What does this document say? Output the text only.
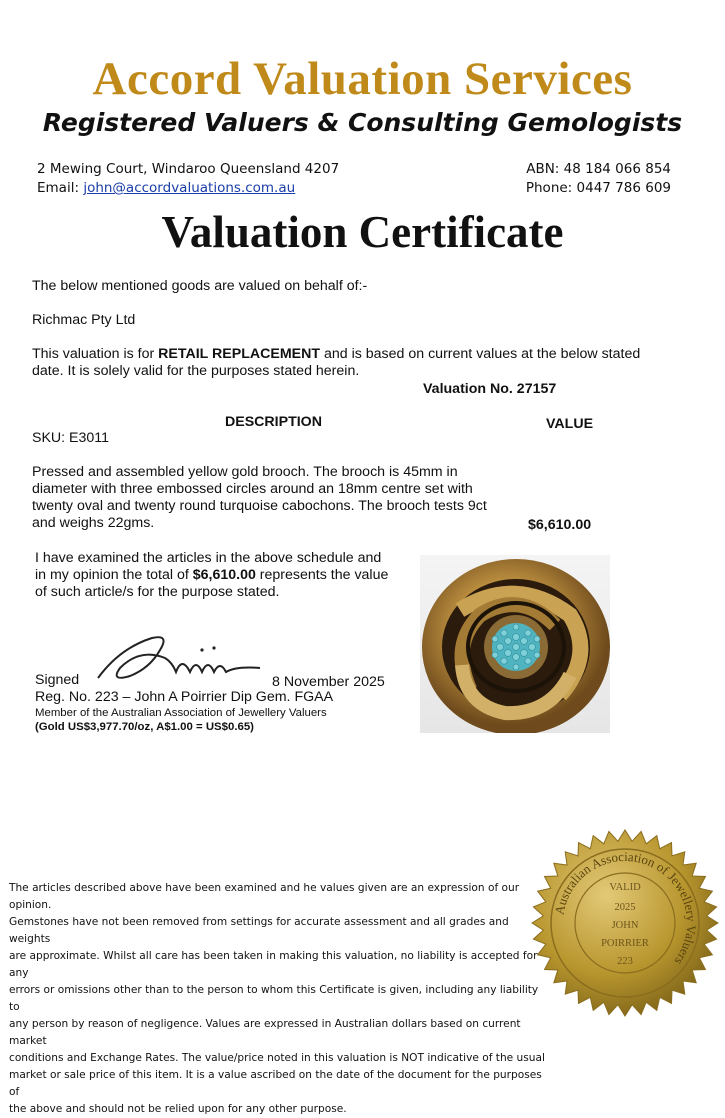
Accord Valuation Services
Registered Valuers & Consulting Gemologists
2 Mewing Court, Windaroo Queensland 4207
Email: john@accordvaluations.com.au
ABN: 48 184 066 854
Phone: 0447 786 609
Valuation Certificate
The below mentioned goods are valued on behalf of:-
Richmac Pty Ltd
This valuation is for RETAIL REPLACEMENT and is based on current values at the below stated
date. It is solely valid for the purposes stated herein.
Valuation No. 27157
DESCRIPTION	VALUE
SKU: E3011
Pressed and assembled yellow gold brooch. The brooch is 45mm in
diameter with three embossed circles around an 18mm centre set with
twenty oval and twenty round turquoise cabochons. The brooch tests 9ct
and weighs 22gms.	$6,610.00
I have examined the articles in the above schedule and
in my opinion the total of $6,610.00 represents the value
of such article/s for the purpose stated.
Signed	8 November 2025
Reg. No. 223 – John A Poirrier Dip Gem. FGAA
Member of the Australian Association of Jewellery Valuers
(Gold US$3,977.70/oz, A$1.00 = US$0.65)
The articles described above have been examined and he values given are an expression of our opinion.
Gemstones have not been removed from settings for accurate assessment and all grades and weights
are approximate. Whilst all care has been taken in making this valuation, no liability is accepted for any
errors or omissions other than to the person to whom this Certificate is given, including any liability to
any person by reason of negligence. Values are expressed in Australian dollars based on current market
conditions and Exchange Rates. The value/price noted in this valuation is NOT indicative of the usual
market or sale price of this item. It is a value ascribed on the date of the document for the purposes of
the above and should not be relied upon for any other purpose.
Australian Association of Jewellery Valuers
VALID
2025
JOHN
POIRRIER
223
